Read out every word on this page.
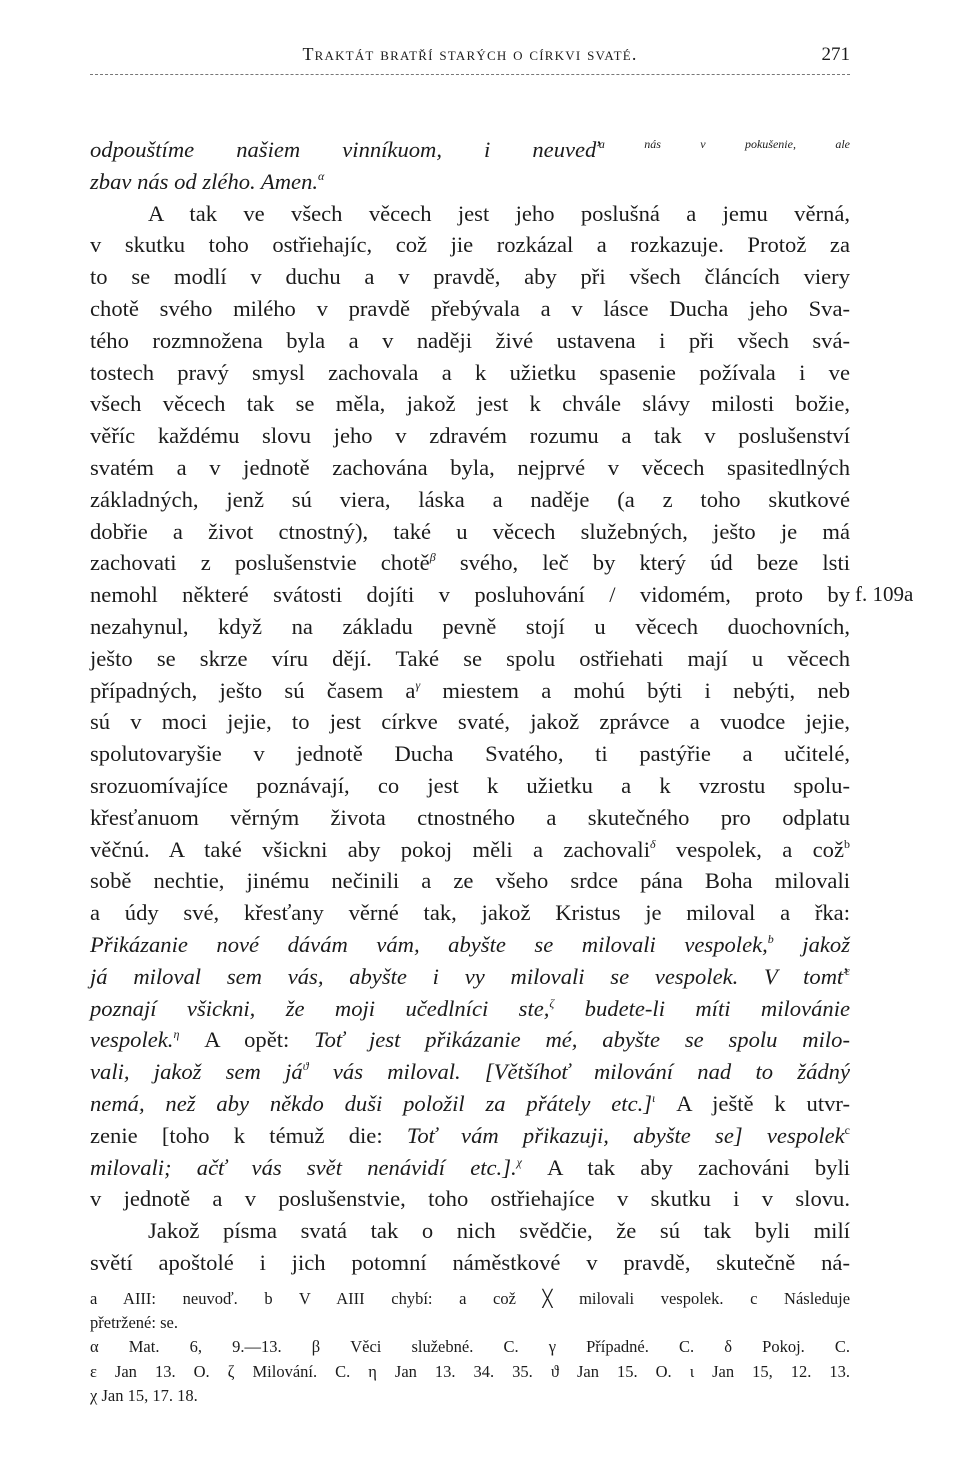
Traktát bratří starých o církvi svaté.	271
odpouštíme našiem vinníkuom, i neuveď$^{a nás v pokušenie, ale}$
zbav nás od zlého. Amen.$^\alpha$
A tak ve všech věcech jest jeho poslušná a jemu věrná,
v skutku toho ostřiehajíc, což jie rozkázal a rozkazuje. Protož za
to se modlí v duchu a v pravdě, aby při všech článcích viery
chotě svého milého v pravdě přebývala a v lásce Ducha jeho Sva-
tého rozmnožena byla a v naději živé ustavena i při všech svá-
tostech pravý smysl zachovala a k užietku spasenie požívala i ve
všech věcech tak se měla, jakož jest k chvále slávy milosti božie,
věříc každému slovu jeho v zdravém rozumu a tak v poslušenství
svatém a v jednotě zachována byla, nejprvé v věcech spasitedlných
základných, jenž sú viera, láska a naděje (a z toho skutkové
dobřie a život ctnostný), také u věcech služebných, ješto je má
zachovati z poslušenstvie chotě$^\beta$ svého, leč by který úd beze lsti
nemohl některé svátosti dojíti v posluhování / vidomém, proto by f. 109a
nezahynul, když na základu pevně stojí u věcech duochovních,
ješto se skrze víru dějí. Také se spolu ostřiehati mají u věcech
případných, ješto sú časem $a^\gamma$ miestem a mohú býti i nebýti, neb
sú v moci jejie, to jest církve svaté, jakož zprávce a vuodce jejie,
spolutovaryšie v jednotě Ducha Svatého, ti pastýřie a učitelé,
srozuomívajíce poznávají, co jest k užietku a k vzrostu spolu-
křesťanuom věrným života ctnostného a skutečného pro odplatu
věčnú. A také všickni aby pokoj měli a zachovali$^\delta$ vespolek, a což$^b$
sobě nechtie, jinému nečinili a ze všeho srdce pána Boha milovali
a údy své, křesťany věrné tak, jakož Kristus je miloval a řka:
Přikázanie nové dávám vám, abyšte se milovali vespolek,$^b$ jakož
já miloval sem vás, abyšte i vy milovali se vespolek. V tomť$^\varepsilon$
poznají všickni, že moji učedlníci ste,$^\zeta$ budete-li míti milovánie
vespolek.$^\eta$ A opět: Toť jest přikázanie mé, abyšte se spolu milo-
vali, jakož sem $já^ϑ$ vás miloval. [Většíhoť milování nad to žádný
nemá, než aby někdo duši položil za přátely etc.]$^\iota$ A ještě k utvr-
zenie [toho k témuž die: Toť vám přikazuji, abyšte se] vespolek$^c$
milovali; ačť vás svět nenávidí etc.].$^\chi$ A tak aby zachováni byli
v jednotě a v poslušenstvie, toho ostřiehajíce v skutku i v slovu.
Jakož písma svatá tak o nich svědčie, že sú tak byli milí
světí apoštolé i jich potomní náměstkové v pravdě, skutečně ná-
a AIII: neuvoď. b V AIII chybí: a což ╳ milovali vespolek. c Následuje
přetržené: se.
α Mat. 6, 9.—13. β Věci služebné. C. γ Případné. C. δ Pokoj. C.
ε Jan 13. O. ζ Milování. C. η Jan 13. 34. 35. ϑ Jan 15. O. ι Jan 15, 12. 13.
χ Jan 15, 17. 18.
